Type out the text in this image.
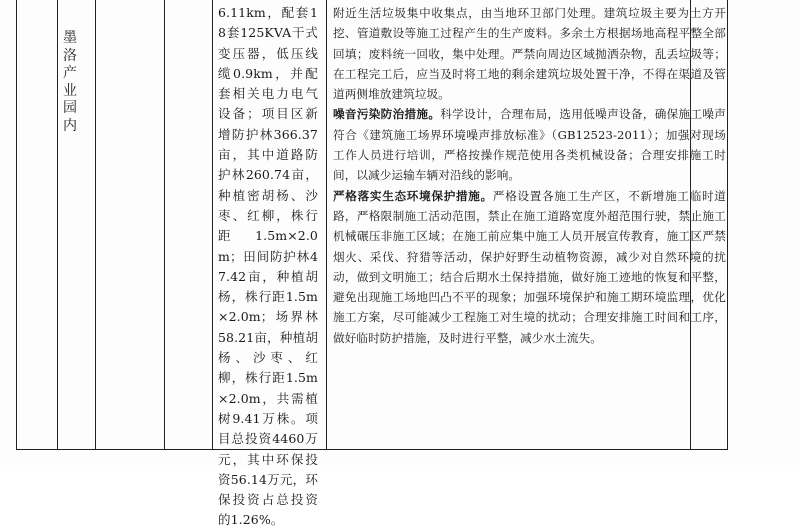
墨洛产业园内
6.11km，配套18套125KVA干式变压器，低压线缆0.9km，并配套相关电力电气设备；项目区新增防护林366.37亩，其中道路防护林260.74亩，种植密胡杨、沙枣、红柳，株行距1.5m×2.0m；田间防护林47.42亩，种植胡杨，株行距1.5m×2.0m；场界林58.21亩，种植胡杨、沙枣、红柳，株行距1.5m×2.0m，共需植树9.41万株。项目总投资4460万元，其中环保投资56.14万元，环保投资占总投资的1.26%。

附近生活垃圾集中收集点，由当地环卫部门处理。建筑垃圾主要为土方开挖、管道敷设等施工过程产生的生产废料。多余土方根据场地高程平整全部回填；废料统一回收，集中处理。严禁向周边区域抛洒杂物，乱丢垃圾等；在工程完工后，应当及时将工地的剩余建筑垃圾处置干净，不得在渠道及管道两侧堆放建筑垃圾。

噪音污染防治措施。科学设计，合理布局，选用低噪声设备，确保施工噪声符合《建筑施工场界环境噪声排放标准》（GB12523-2011）；加强对现场工作人员进行培训，严格按操作规范使用各类机械设备；合理安排施工时间，以减少运输车辆对沿线的影响。

严格落实生态环境保护措施。严格设置各施工生产区，不新增施工临时道路，严格限制施工活动范围，禁止在施工道路宽度外超范围行驶，禁止施工机械碾压非施工区域；在施工前应集中施工人员开展宣传教育，施工区严禁烟火、采伐、狩猎等活动，保护好野生动植物资源，减少对自然环境的扰动，做到文明施工；结合后期水土保持措施，做好施工迹地的恢复和平整，避免出现施工场地凹凸不平的现象；加强环境保护和施工期环境监理，优化施工方案，尽可能减少工程施工对生境的扰动；合理安排施工时间和工序，做好临时防护措施，及时进行平整，减少水土流失。
